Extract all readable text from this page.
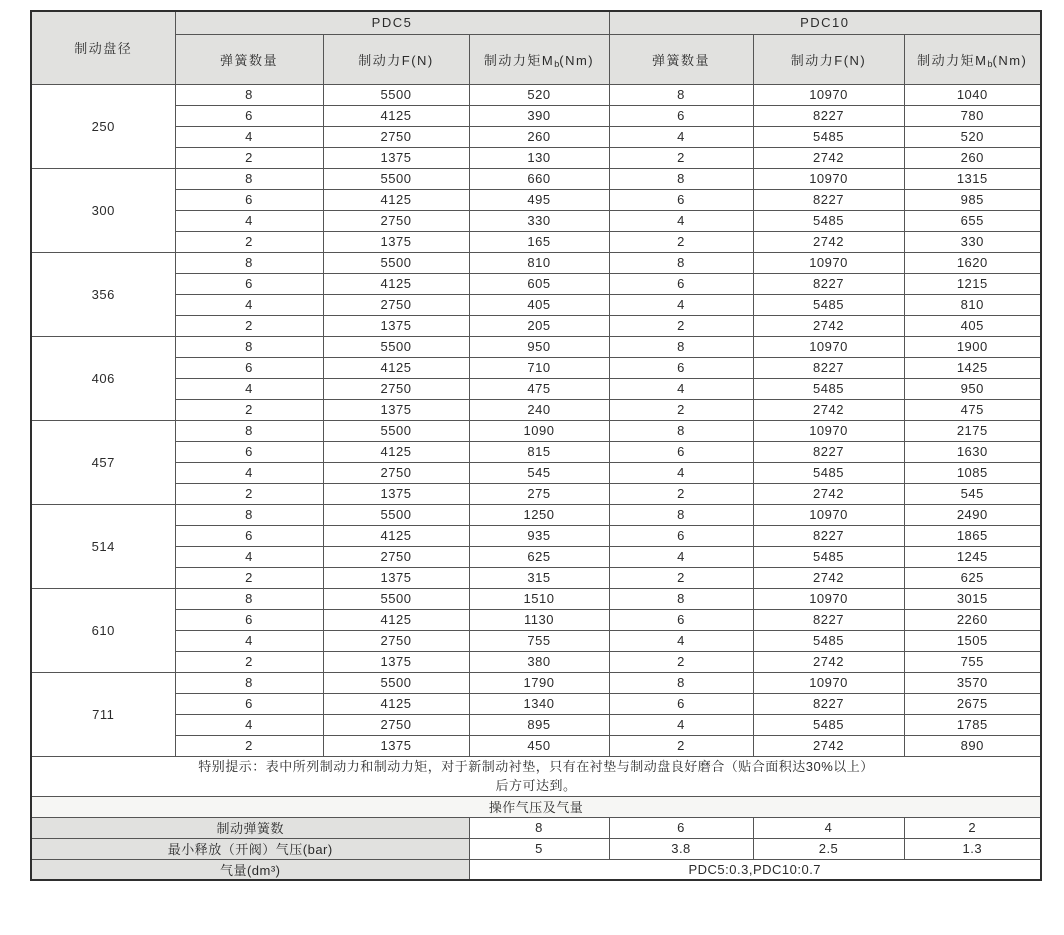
制动盘径	PDC5			PDC10		
	弹簧数量	制动力F(N)	制动力矩$M_b(Nm)$	弹簧数量	制动力F(N)	制动力矩$M_b(Nm)$
250	8	5500	520	8	10970	1040
	6	4125	390	6	8227	780
	4	2750	260	4	5485	520
	2	1375	130	2	2742	260
300	8	5500	660	8	10970	1315
	6	4125	495	6	8227	985
	4	2750	330	4	5485	655
	2	1375	165	2	2742	330
356	8	5500	810	8	10970	1620
	6	4125	605	6	8227	1215
	4	2750	405	4	5485	810
	2	1375	205	2	2742	405
406	8	5500	950	8	10970	1900
	6	4125	710	6	8227	1425
	4	2750	475	4	5485	950
	2	1375	240	2	2742	475
457	8	5500	1090	8	10970	2175
	6	4125	815	6	8227	1630
	4	2750	545	4	5485	1085
	2	1375	275	2	2742	545
514	8	5500	1250	8	10970	2490
	6	4125	935	6	8227	1865
	4	2750	625	4	5485	1245
	2	1375	315	2	2742	625
610	8	5500	1510	8	10970	3015
	6	4125	1130	6	8227	2260
	4	2750	755	4	5485	1505
	2	1375	380	2	2742	755
711	8	5500	1790	8	10970	3570
	6	4125	1340	6	8227	2675
	4	2750	895	4	5485	1785
	2	1375	450	2	2742	890

特别提示：表中所列制动力和制动力矩，对于新制动衬垫，只有在衬垫与制动盘良好磨合（贴合面积达30%以上）
后方可达到。						

操作气压及气量						
制动弹簧数			8	6	4	2
最小释放（开阀）气压(bar)			5	3.8	2.5	1.3
气量(dm³)			PDC5:0.3,PDC10:0.7			
